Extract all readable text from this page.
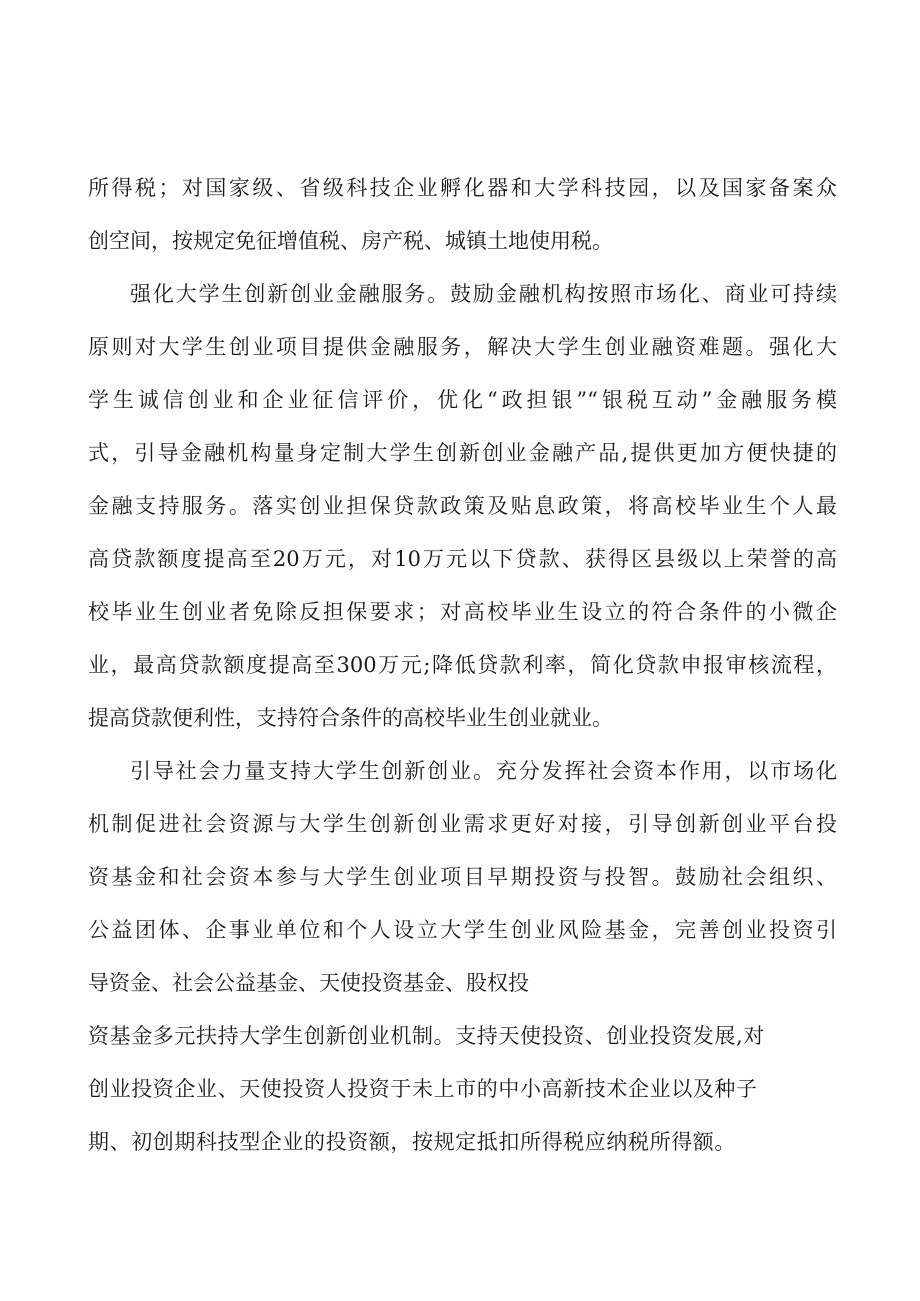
所得税；对国家级、省级科技企业孵化器和大学科技园，以及国家备案众
创空间，按规定免征增值税、房产税、城镇土地使用税。
强化大学生创新创业金融服务。鼓励金融机构按照市场化、商业可持续
原则对大学生创业项目提供金融服务，解决大学生创业融资难题。强化大
学生诚信创业和企业征信评价，优化“政担银”“银税互动”金融服务模
式，引导金融机构量身定制大学生创新创业金融产品,提供更加方便快捷的
金融支持服务。落实创业担保贷款政策及贴息政策，将高校毕业生个人最
高贷款额度提高至20万元，对10万元以下贷款、获得区县级以上荣誉的高
校毕业生创业者免除反担保要求；对高校毕业生设立的符合条件的小微企
业，最高贷款额度提高至300万元;降低贷款利率，简化贷款申报审核流程，
提高贷款便利性，支持符合条件的高校毕业生创业就业。
引导社会力量支持大学生创新创业。充分发挥社会资本作用，以市场化
机制促进社会资源与大学生创新创业需求更好对接，引导创新创业平台投
资基金和社会资本参与大学生创业项目早期投资与投智。鼓励社会组织、
公益团体、企事业单位和个人设立大学生创业风险基金，完善创业投资引
导资金、社会公益基金、天使投资基金、股权投
资基金多元扶持大学生创新创业机制。支持天使投资、创业投资发展,对
创业投资企业、天使投资人投资于未上市的中小高新技术企业以及种子
期、初创期科技型企业的投资额，按规定抵扣所得税应纳税所得额。
